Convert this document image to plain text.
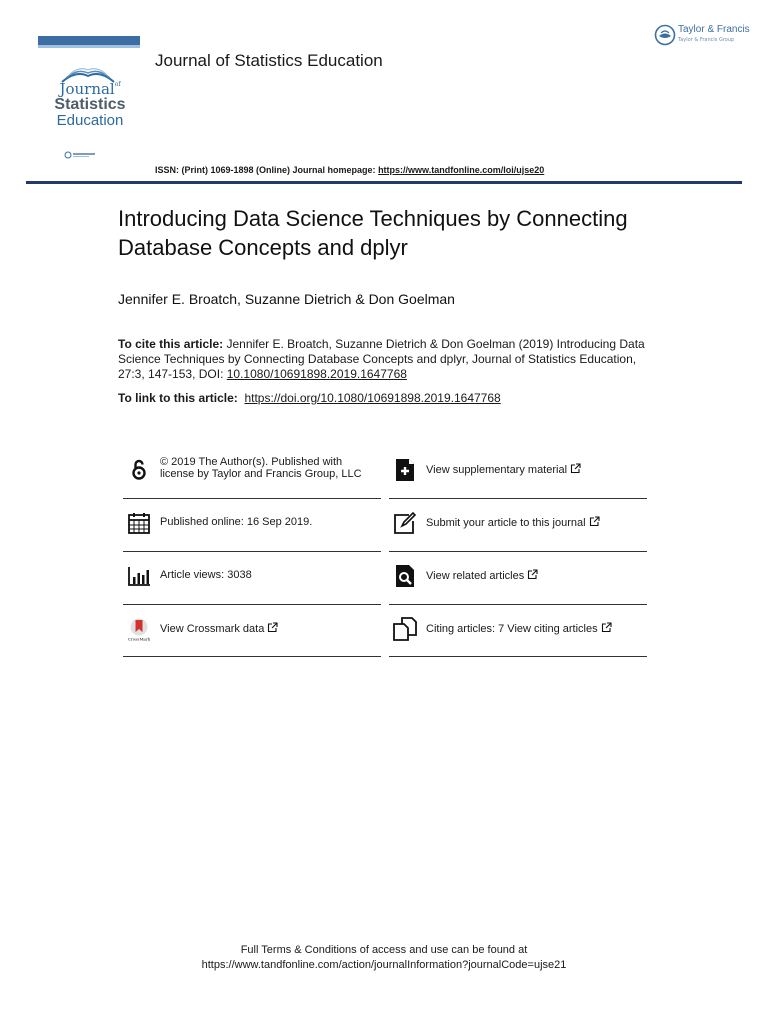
Journal$^{of}$
Statistics
Education
Journal of Statistics Education
Taylor & Francis
Taylor & Francis Group
ISSN: (Print) 1069-1898 (Online) Journal homepage: https://www.tandfonline.com/loi/ujse20
Introducing Data Science Techniques by Connecting Database Concepts and dplyr
Jennifer E. Broatch, Suzanne Dietrich & Don Goelman
To cite this article: Jennifer E. Broatch, Suzanne Dietrich & Don Goelman (2019) Introducing Data Science Techniques by Connecting Database Concepts and dplyr, Journal of Statistics Education, 27:3, 147-153, DOI: 10.1080/10691898.2019.1647768
To link to this article:  https://doi.org/10.1080/10691898.2019.1647768
© 2019 The Author(s). Published with license by Taylor and Francis Group, LLC
Published online: 16 Sep 2019.
Article views: 3038
CrossMark
View Crossmark data
View supplementary material
Submit your article to this journal
View related articles
Citing articles: 7 View citing articles
Full Terms & Conditions of access and use can be found at
https://www.tandfonline.com/action/journalInformation?journalCode=ujse21
